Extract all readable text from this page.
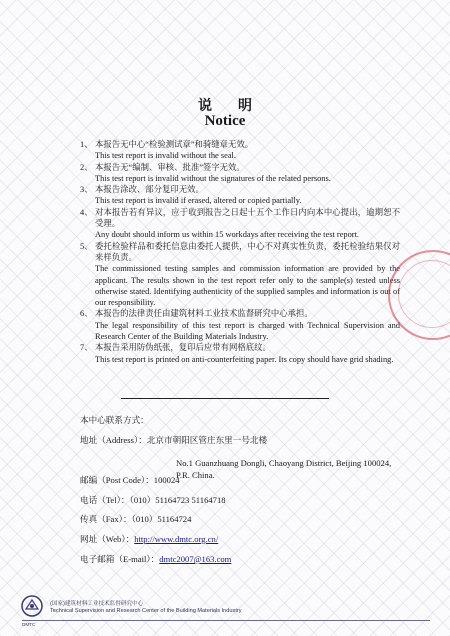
说明
Notice
1、 本报告无中心“检验测试章”和骑缝章无效。
This test report is invalid without the seal.
2、 本报告无“编制、审核、批准”签字无效。
This test report is invalid without the signatures of the related persons.
3、 本报告涂改、部分复印无效。
This test report is invalid if erased, altered or copied partially.
4、 对本报告若有异议，应于收到报告之日起十五个工作日内向本中心提出，逾期恕不受理。
Any doubt should inform us within 15 workdays after receiving the test report.
5、 委托检验样品和委托信息由委托人提供，中心不对真实性负责，委托检验结果仅对来样负责。
The commissioned testing samples and commission information are provided by the applicant. The results shown in the test report refer only to the sample(s) tested unless otherwise stated. Identifying authenticity of the supplied samples and information is out of our responsibility.
6、 本报告的法律责任由建筑材料工业技术监督研究中心承担。
The legal responsibility of this test report is charged with Technical Supervision and Research Center of the Building Materials Industry.
7、 本报告采用防伪纸张，复印后应带有网格底纹。
This test report is printed on anti-counterfeiting paper. Its copy should have grid shading.
本中心联系方式：
地址（Address）：北京市朝阳区管庄东里一号北楼
No.1 Guanzhuang Dongli, Chaoyang District, Beijing 100024, P.R. China.
邮编（Post Code）：100024
电话（Tel）：（010）51164723 51164718
传真（Fax）：（010）51164724
网址（Web）：http://www.dmtc.org.cn/
电子邮箱（E-mail）：dmtc2007@163.com
(国家)建筑材料工业技术监督研究中心
Technical Supervision and Research Center of the Building Materials Industry
DMTC
